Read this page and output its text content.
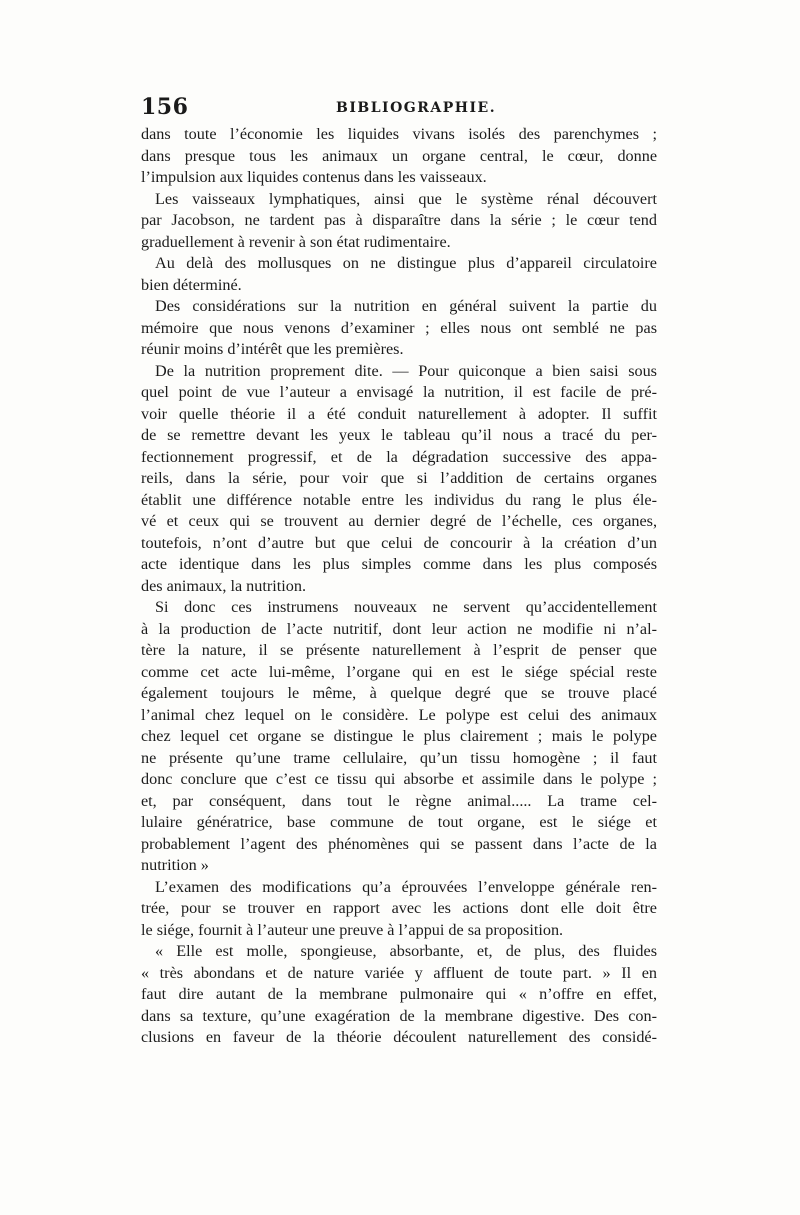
156	BIBLIOGRAPHIE.
dans toute l’économie les liquides vivans isolés des parenchymes ;
dans presque tous les animaux un organe central, le cœur, donne
l’impulsion aux liquides contenus dans les vaisseaux.
Les vaisseaux lymphatiques, ainsi que le système rénal découvert
par Jacobson, ne tardent pas à disparaître dans la série ; le cœur tend
graduellement à revenir à son état rudimentaire.
Au delà des mollusques on ne distingue plus d’appareil circulatoire
bien déterminé.
Des considérations sur la nutrition en général suivent la partie du
mémoire que nous venons d’examiner ; elles nous ont semblé ne pas
réunir moins d’intérêt que les premières.
De la nutrition proprement dite. — Pour quiconque a bien saisi sous
quel point de vue l’auteur a envisagé la nutrition, il est facile de pré-
voir quelle théorie il a été conduit naturellement à adopter. Il suffit
de se remettre devant les yeux le tableau qu’il nous a tracé du per-
fectionnement progressif, et de la dégradation successive des appa-
reils, dans la série, pour voir que si l’addition de certains organes
établit une différence notable entre les individus du rang le plus éle-
vé et ceux qui se trouvent au dernier degré de l’échelle, ces organes,
toutefois, n’ont d’autre but que celui de concourir à la création d’un
acte identique dans les plus simples comme dans les plus composés
des animaux, la nutrition.
Si donc ces instrumens nouveaux ne servent qu’accidentellement
à la production de l’acte nutritif, dont leur action ne modifie ni n’al-
tère la nature, il se présente naturellement à l’esprit de penser que
comme cet acte lui-même, l’organe qui en est le siége spécial reste
également toujours le même, à quelque degré que se trouve placé
l’animal chez lequel on le considère. Le polype est celui des animaux
chez lequel cet organe se distingue le plus clairement ; mais le polype
ne présente qu’une trame cellulaire, qu’un tissu homogène ; il faut
donc conclure que c’est ce tissu qui absorbe et assimile dans le polype ;
et, par conséquent, dans tout le règne animal..... La trame cel-
lulaire génératrice, base commune de tout organe, est le siége et
probablement l’agent des phénomènes qui se passent dans l’acte de la
nutrition »
L’examen des modifications qu’a éprouvées l’enveloppe générale ren-
trée, pour se trouver en rapport avec les actions dont elle doit être
le siége, fournit à l’auteur une preuve à l’appui de sa proposition.
« Elle est molle, spongieuse, absorbante, et, de plus, des fluides
« très abondans et de nature variée y affluent de toute part. » Il en
faut dire autant de la membrane pulmonaire qui « n’offre en effet,
dans sa texture, qu’une exagération de la membrane digestive. Des con-
clusions en faveur de la théorie découlent naturellement des considé-
